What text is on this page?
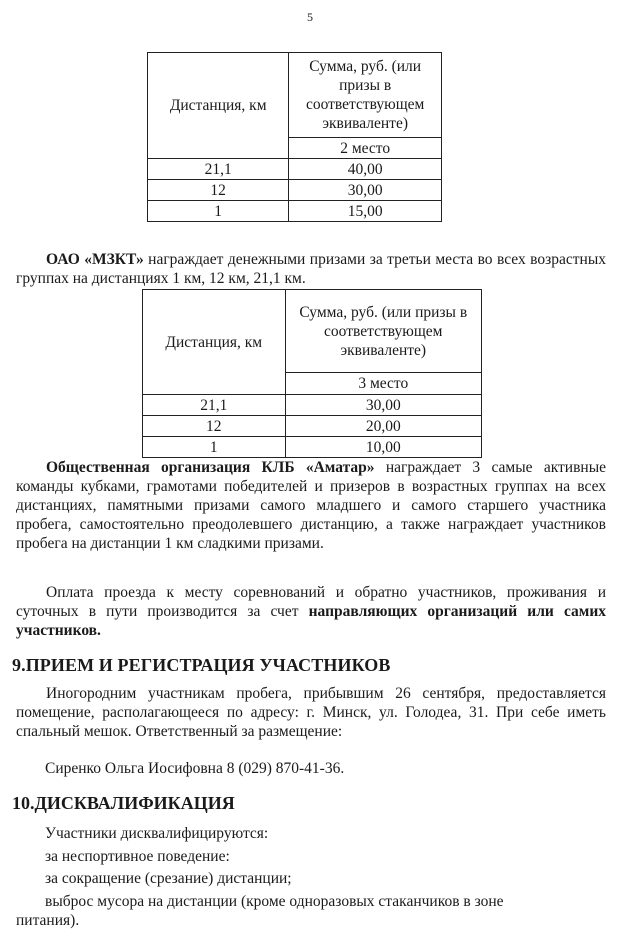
5
Дистанция, км	Сумма, руб. (или призы в соответствующем эквиваленте)
	2 место
21,1	40,00
12	30,00
1	15,00
ОАО «МЗКТ» награждает денежными призами за третьи места во всех возрастных группах на дистанциях 1 км, 12 км, 21,1 км.
Дистанция, км	Сумма, руб. (или призы в соответствующем эквиваленте)
	3 место
21,1	30,00
12	20,00
1	10,00
Общественная организация КЛБ «Аматар» награждает 3 самые активные команды кубками, грамотами победителей и призеров в возрастных группах на всех дистанциях, памятными призами самого младшего и самого старшего участника пробега, самостоятельно преодолевшего дистанцию, а также награждает участников пробега на дистанции 1 км сладкими призами.
Оплата проезда к месту соревнований и обратно участников, проживания и суточных в пути производится за счет направляющих организаций или самих участников.
9.ПРИЕМ И РЕГИСТРАЦИЯ УЧАСТНИКОВ
Иногородним участникам пробега, прибывшим 26 сентября, предоставляется помещение, располагающееся по адресу: г. Минск, ул. Голодеа, 31. При себе иметь спальный мешок. Ответственный за размещение:
Сиренко Ольга Иосифовна 8 (029) 870-41-36.
10.ДИСКВАЛИФИКАЦИЯ
Участники дисквалифицируются:
за неспортивное поведение:
за сокращение (срезание) дистанции;
выброс мусора на дистанции (кроме одноразовых стаканчиков в зоне
питания).
